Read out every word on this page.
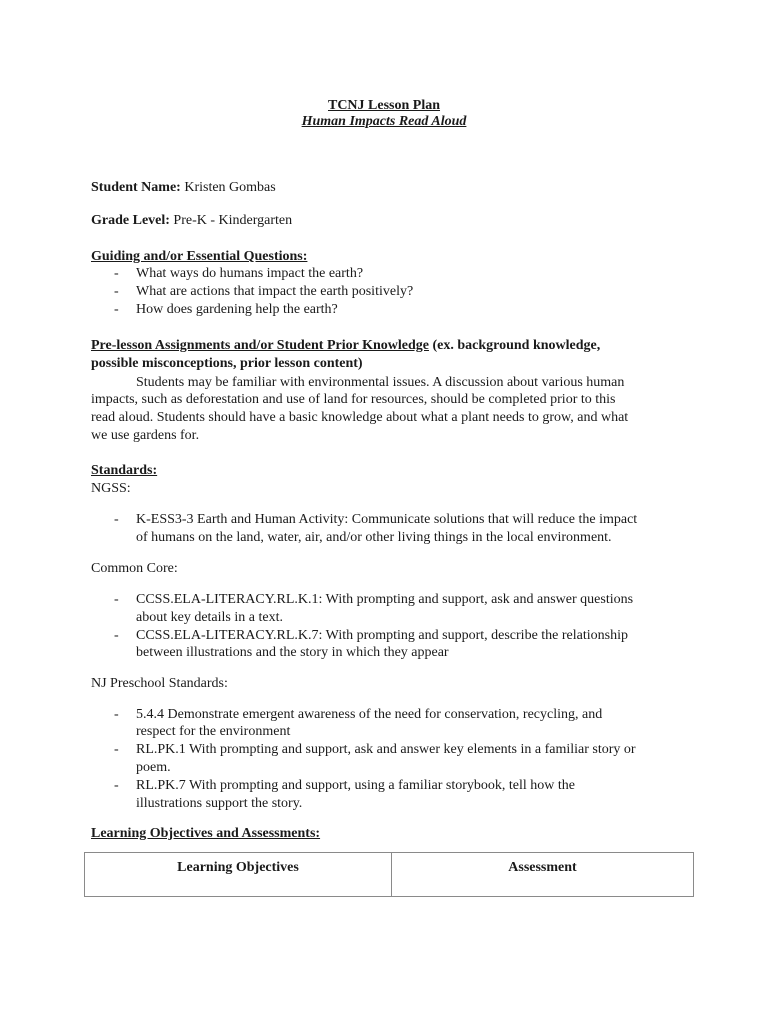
TCNJ Lesson Plan
Human Impacts Read Aloud
Student Name: Kristen Gombas
Grade Level: Pre-K - Kindergarten
Guiding and/or Essential Questions:
- What ways do humans impact the earth?
- What are actions that impact the earth positively?
- How does gardening help the earth?
Pre-lesson Assignments and/or Student Prior Knowledge (ex. background knowledge,
possible misconceptions, prior lesson content)
Students may be familiar with environmental issues. A discussion about various human
impacts, such as deforestation and use of land for resources, should be completed prior to this
read aloud. Students should have a basic knowledge about what a plant needs to grow, and what
we use gardens for.
Standards:
NGSS:
- K-ESS3-3 Earth and Human Activity: Communicate solutions that will reduce the impact
of humans on the land, water, air, and/or other living things in the local environment.
Common Core:
- CCSS.ELA-LITERACY.RL.K.1: With prompting and support, ask and answer questions
about key details in a text.
- CCSS.ELA-LITERACY.RL.K.7: With prompting and support, describe the relationship
between illustrations and the story in which they appear
NJ Preschool Standards:
- 5.4.4 Demonstrate emergent awareness of the need for conservation, recycling, and
respect for the environment
- RL.PK.1 With prompting and support, ask and answer key elements in a familiar story or
poem.
- RL.PK.7 With prompting and support, using a familiar storybook, tell how the
illustrations support the story.
Learning Objectives and Assessments:
Learning Objectives	Assessment
